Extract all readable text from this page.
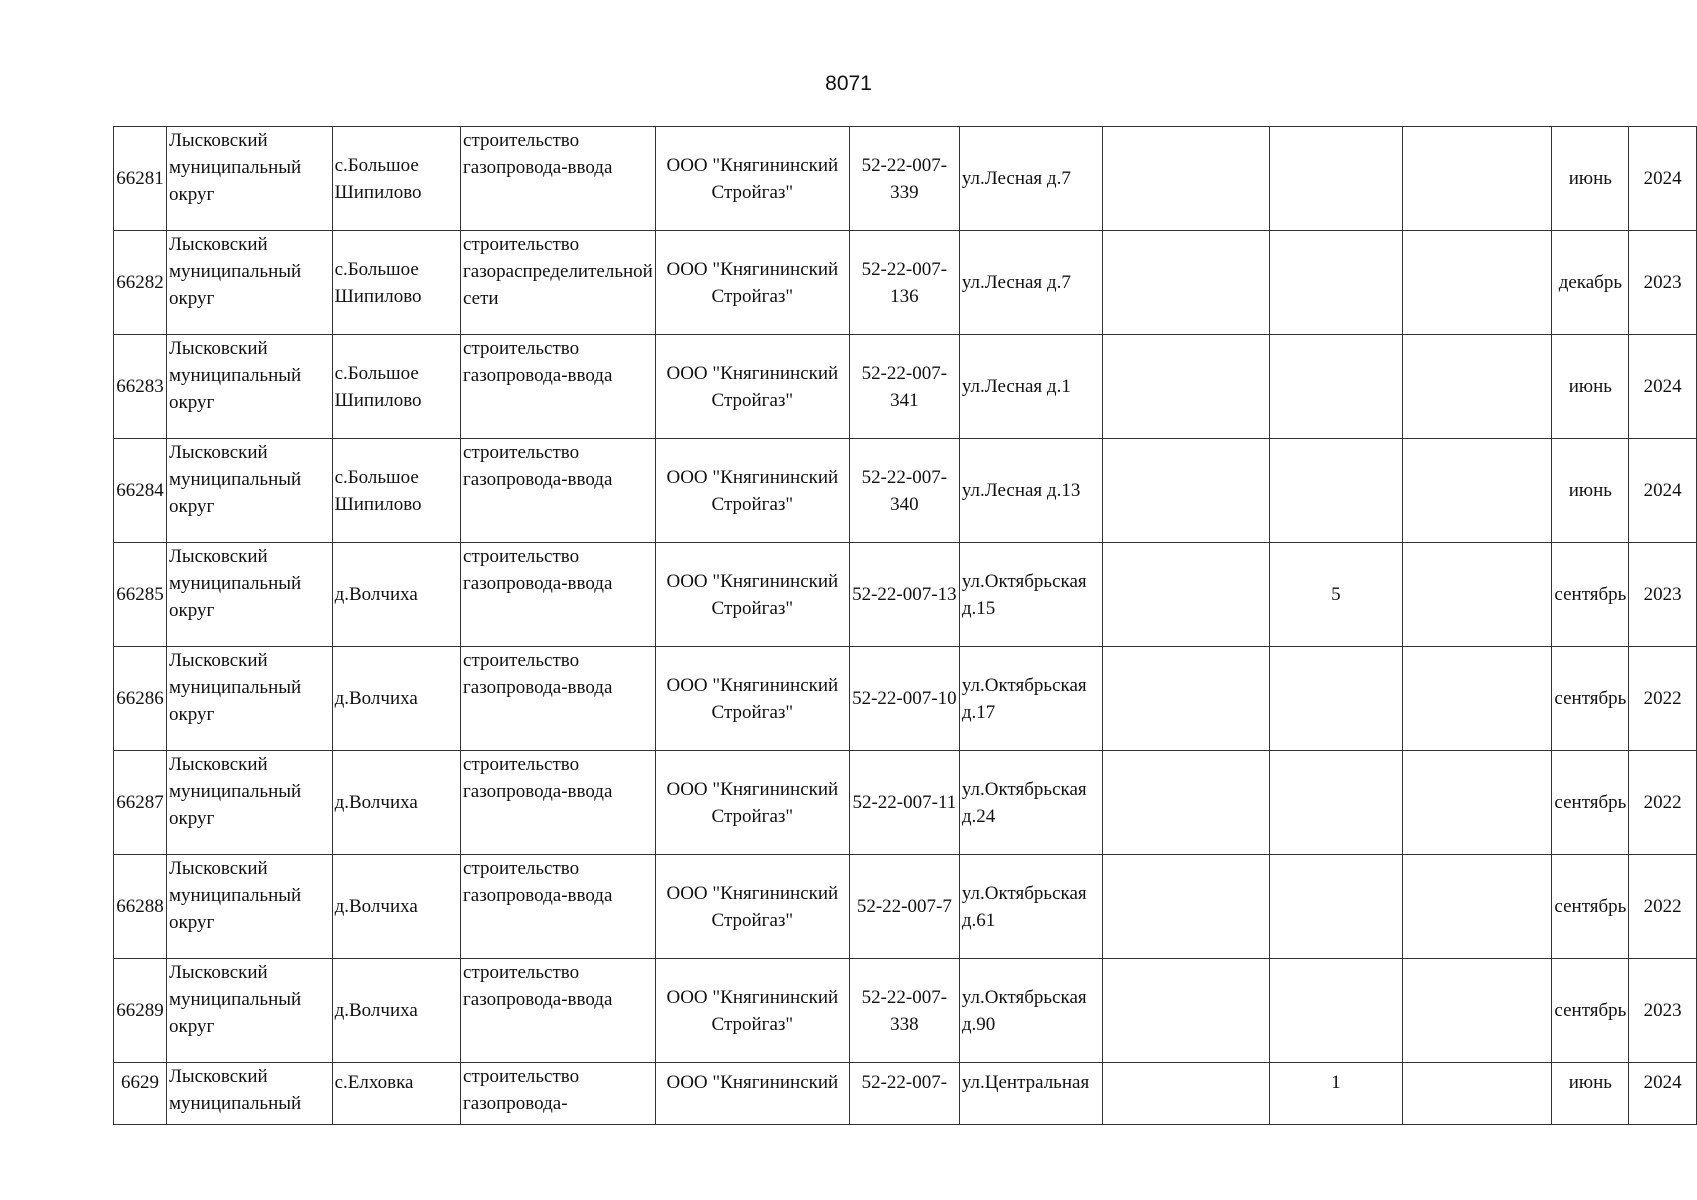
8071
66281	Лысковский муниципальный округ	с.Большое Шипилово	строительство газопровода-ввода	ООО "Княгининский Стройгаз"	52-22-007-339	ул.Лесная д.7				июнь	2024
66282	Лысковский муниципальный округ	с.Большое Шипилово	строительство газораспределительной сети	ООО "Княгининский Стройгаз"	52-22-007-136	ул.Лесная д.7				декабрь	2023
66283	Лысковский муниципальный округ	с.Большое Шипилово	строительство газопровода-ввода	ООО "Княгининский Стройгаз"	52-22-007-341	ул.Лесная д.1				июнь	2024
66284	Лысковский муниципальный округ	с.Большое Шипилово	строительство газопровода-ввода	ООО "Княгининский Стройгаз"	52-22-007-340	ул.Лесная д.13				июнь	2024
66285	Лысковский муниципальный округ	д.Волчиха	строительство газопровода-ввода	ООО "Княгининский Стройгаз"	52-22-007-13	ул.Октябрьская д.15		5		сентябрь	2023
66286	Лысковский муниципальный округ	д.Волчиха	строительство газопровода-ввода	ООО "Княгининский Стройгаз"	52-22-007-10	ул.Октябрьская д.17				сентябрь	2022
66287	Лысковский муниципальный округ	д.Волчиха	строительство газопровода-ввода	ООО "Княгининский Стройгаз"	52-22-007-11	ул.Октябрьская д.24				сентябрь	2022
66288	Лысковский муниципальный округ	д.Волчиха	строительство газопровода-ввода	ООО "Княгининский Стройгаз"	52-22-007-7	ул.Октябрьская д.61				сентябрь	2022
66289	Лысковский муниципальный округ	д.Волчиха	строительство газопровода-ввода	ООО "Княгининский Стройгаз"	52-22-007-338	ул.Октябрьская д.90				сентябрь	2023
6629	Лысковский муниципальный	с.Елховка	строительство газопровода-	ООО "Княгининский	52-22-007-	ул.Центральная		1		июнь	2024
